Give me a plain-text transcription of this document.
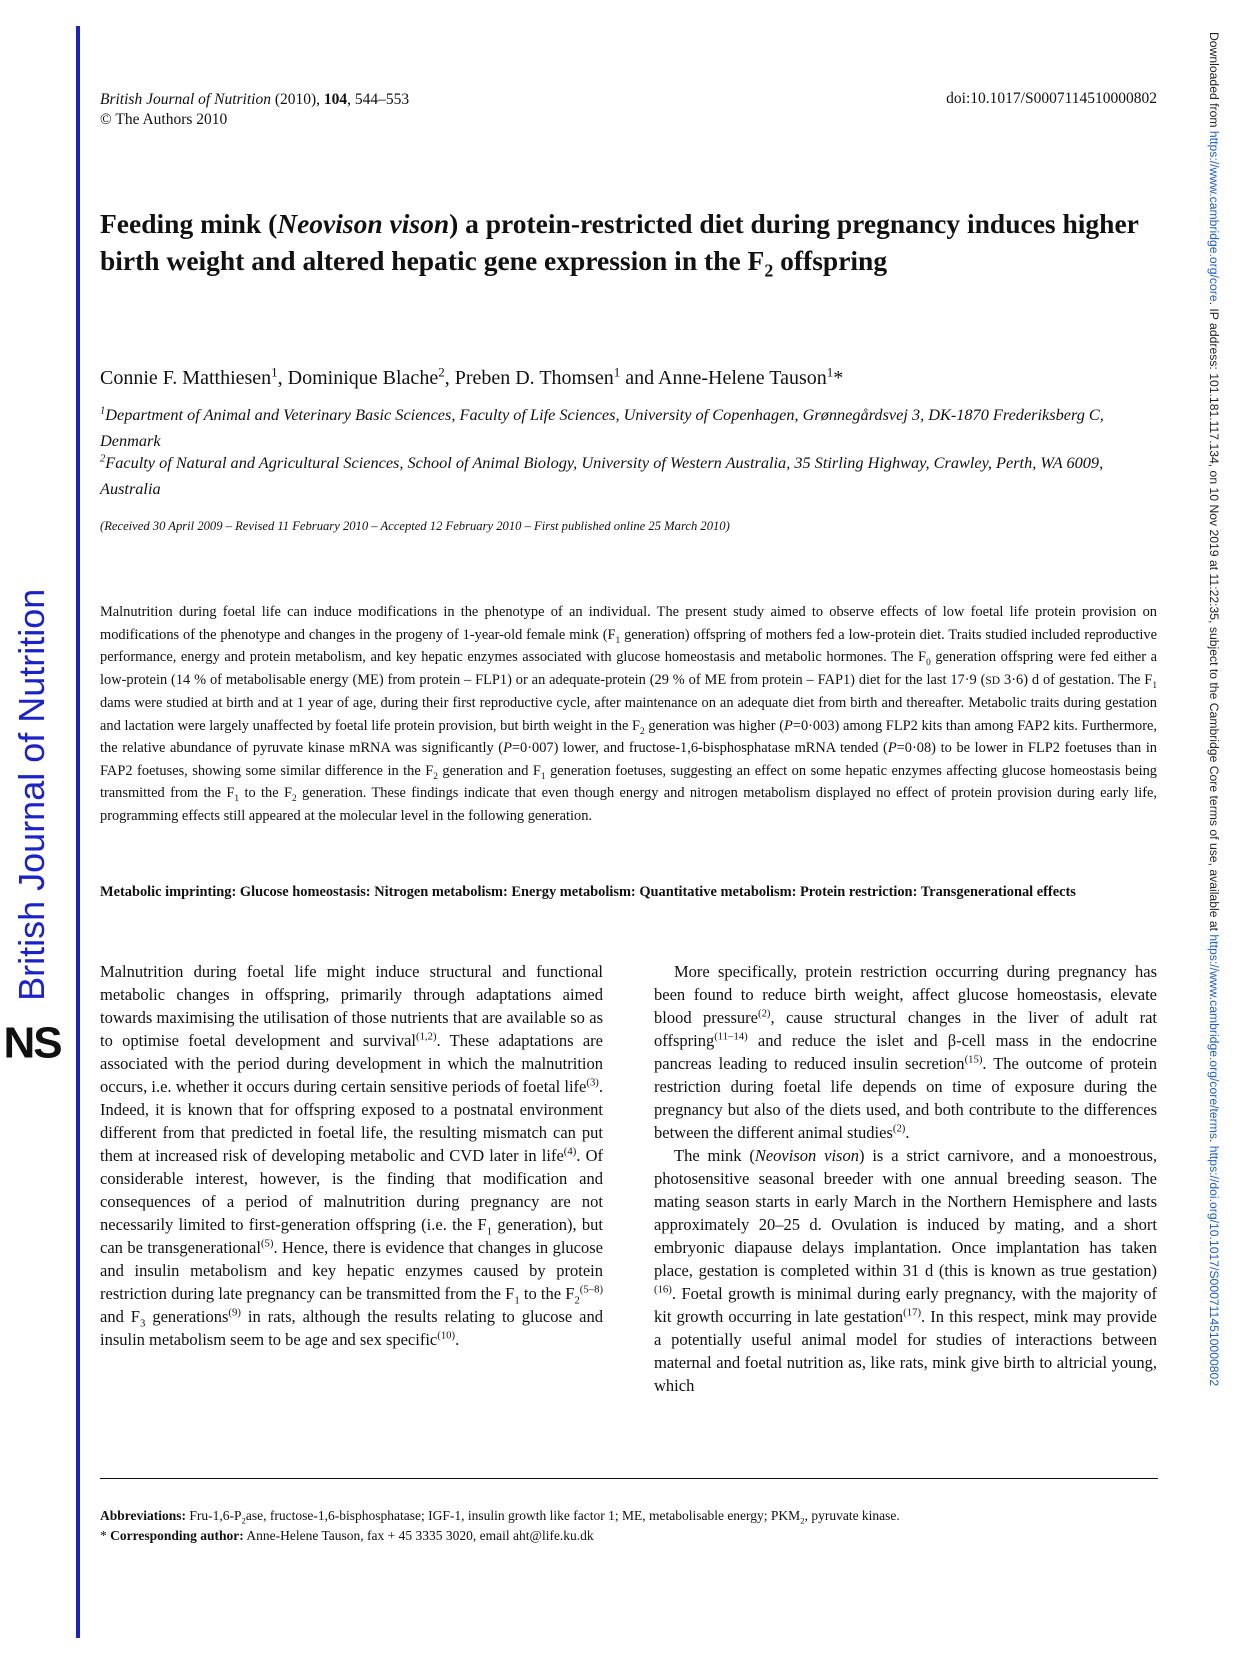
NS
British Journal of Nutrition
Downloaded from https://www.cambridge.org/core. IP address: 101.181.117.134, on 10 Nov 2019 at 11:22:35, subject to the Cambridge Core terms of use, available at https://www.cambridge.org/core/terms. https://doi.org/10.1017/S0007114510000802
British Journal of Nutrition (2010), 104, 544–553
© The Authors 2010
doi:10.1017/S0007114510000802
Feeding mink (Neovison vison) a protein-restricted diet during pregnancy induces higher birth weight and altered hepatic gene expression in the $F_2$ offspring
Connie F. Matthiesen$^1$, Dominique Blache$^2$, Preben D. Thomsen$^1$ and Anne-Helene Tauson$^1$*

$^1$Department of Animal and Veterinary Basic Sciences, Faculty of Life Sciences, University of Copenhagen, Grønnegårdsvej 3, DK-1870 Frederiksberg C, Denmark

$^2$Faculty of Natural and Agricultural Sciences, School of Animal Biology, University of Western Australia, 35 Stirling Highway, Crawley, Perth, WA 6009, Australia

(Received 30 April 2009 – Revised 11 February 2010 – Accepted 12 February 2010 – First published online 25 March 2010)

Malnutrition during foetal life can induce modifications in the phenotype of an individual. The present study aimed to observe effects of low foetal life protein provision on modifications of the phenotype and changes in the progeny of 1-year-old female mink ($F_1$ generation) offspring of mothers fed a low-protein diet. Traits studied included reproductive performance, energy and protein metabolism, and key hepatic enzymes associated with glucose homeostasis and metabolic hormones. The $F_0$ generation offspring were fed either a low-protein (14 % of metabolisable energy (ME) from protein – FLP1) or an adequate-protein (29 % of ME from protein – FAP1) diet for the last 17·9 (SD 3·6) d of gestation. The $F_1$ dams were studied at birth and at 1 year of age, during their first reproductive cycle, after maintenance on an adequate diet from birth and thereafter. Metabolic traits during gestation and lactation were largely unaffected by foetal life protein provision, but birth weight in the $F_2$ generation was higher (P=0·003) among FLP2 kits than among FAP2 kits. Furthermore, the relative abundance of pyruvate kinase mRNA was significantly (P=0·007) lower, and fructose-1,6-bisphosphatase mRNA tended (P=0·08) to be lower in FLP2 foetuses than in FAP2 foetuses, showing some similar difference in the $F_2$ generation and $F_1$ generation foetuses, suggesting an effect on some hepatic enzymes affecting glucose homeostasis being transmitted from the $F_1$ to the $F_2$ generation. These findings indicate that even though energy and nitrogen metabolism displayed no effect of protein provision during early life, programming effects still appeared at the molecular level in the following generation.

Metabolic imprinting: Glucose homeostasis: Nitrogen metabolism: Energy metabolism: Quantitative metabolism: Protein restriction: Transgenerational effects

Malnutrition during foetal life might induce structural and functional metabolic changes in offspring, primarily through adaptations aimed towards maximising the utilisation of those nutrients that are available so as to optimise foetal development and survival$^{(1,2)}$. These adaptations are associated with the period during development in which the malnutrition occurs, i.e. whether it occurs during certain sensitive periods of foetal life$^{(3)}$. Indeed, it is known that for offspring exposed to a postnatal environment different from that predicted in foetal life, the resulting mismatch can put them at increased risk of developing metabolic and CVD later in life$^{(4)}$. Of considerable interest, however, is the finding that modification and consequences of a period of malnutrition during pregnancy are not necessarily limited to first-generation offspring (i.e. the $F_1$ generation), but can be transgenerational$^{(5)}$. Hence, there is evidence that changes in glucose and insulin metabolism and key hepatic enzymes caused by protein restriction during late pregnancy can be transmitted from the $F_1$ to the $F_2^{(5-8)}$ and $F_3$ generations$^{(9)}$ in rats, although the results relating to glucose and insulin metabolism seem to be age and sex specific$^{(10)}$.

More specifically, protein restriction occurring during pregnancy has been found to reduce birth weight, affect glucose homeostasis, elevate blood pressure$^{(2)}$, cause structural changes in the liver of adult rat offspring$^{(11-14)}$ and reduce the islet and β-cell mass in the endocrine pancreas leading to reduced insulin secretion$^{(15)}$. The outcome of protein restriction during foetal life depends on time of exposure during the pregnancy but also of the diets used, and both contribute to the differences between the different animal studies$^{(2)}$.

The mink (Neovison vison) is a strict carnivore, and a monoestrous, photosensitive seasonal breeder with one annual breeding season. The mating season starts in early March in the Northern Hemisphere and lasts approximately 20–25 d. Ovulation is induced by mating, and a short embryonic diapause delays implantation. Once implantation has taken place, gestation is completed within 31 d (this is known as true gestation)$^{(16)}$. Foetal growth is minimal during early pregnancy, with the majority of kit growth occurring in late gestation$^{(17)}$. In this respect, mink may provide a potentially useful animal model for studies of interactions between maternal and foetal nutrition as, like rats, mink give birth to altricial young, which

Abbreviations: Fru-$1,6-P_2ase$, fructose-1,6-bisphosphatase; IGF-1, insulin growth like factor 1; ME, metabolisable energy; $PKM_2$, pyruvate kinase.

* Corresponding author: Anne-Helene Tauson, fax + 45 3335 3020, email aht@life.ku.dk
